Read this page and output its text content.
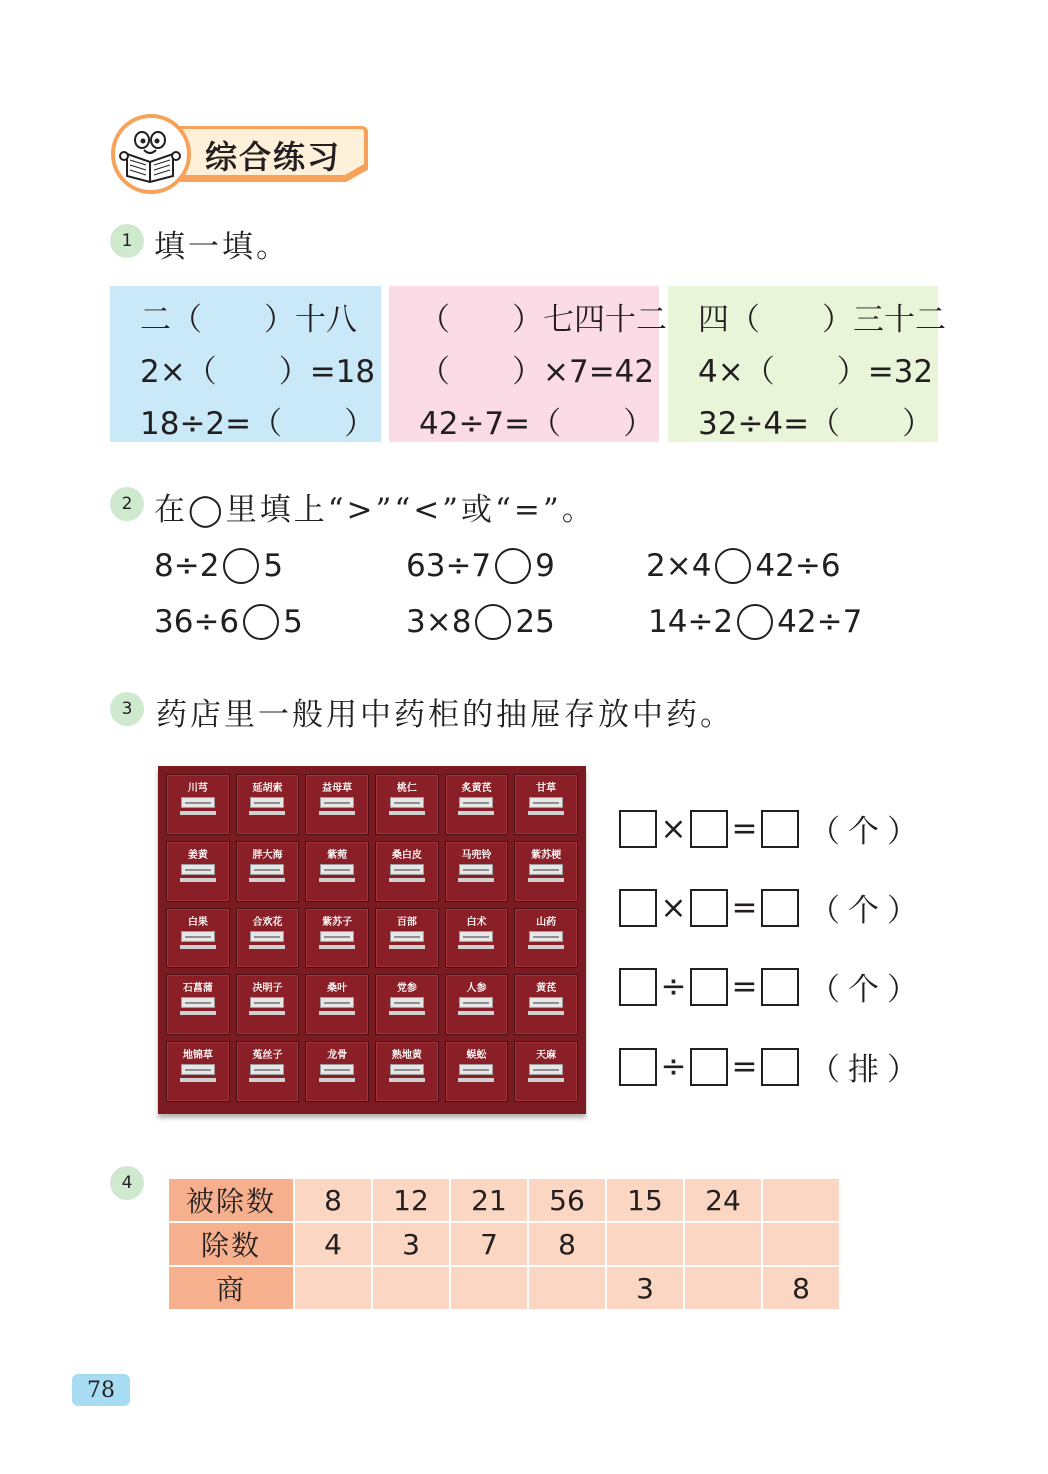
综合练习
1 填一填。
二（　　）十八
2×（　　）=18
18÷2=（　　）
（　　）七四十二
（　　）×7=42
42÷7=（　　）
四（　　）三十二
4×（　　）=32
32÷4=（　　）
2 在◯里填上“>”“<”或“=”。
8÷2 5	63÷7 9	2×4 42÷6
36÷6 5	3×8 25	14÷2 42÷7
3 药店里一般用中药柜的抽屉存放中药。
川芎	延胡索	益母草	桃仁	炙黄芪	甘草
姜黄	胖大海	紫菀	桑白皮	马兜铃	紫苏梗
白果	合欢花	紫苏子	百部	白术	山药
石菖蒲	决明子	桑叶	党参	人参	黄芪
地锦草	菟丝子	龙骨	熟地黄	蜈蚣	天麻
× = （个）
× = （个）
÷ = （个）
÷ = （排）
4
被除数	8	12	21	56	15	24	
除数	4	3	7	8			
商					3		8
78
